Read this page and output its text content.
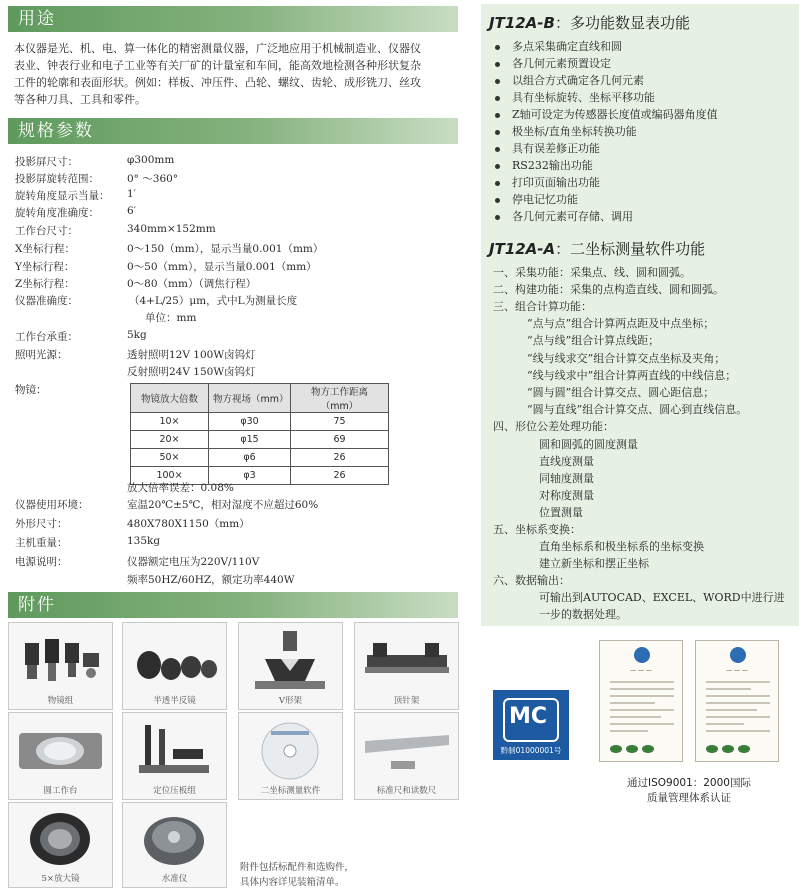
用途
本仪器是光、机、电、算一体化的精密测量仪器，广泛地应用于机械制造业、仪器仪
表业、钟表行业和电子工业等有关厂矿的计量室和车间，能高效地检测各种形状复杂
工件的轮廓和表面形状。例如：样板、冲压件、凸轮、螺纹、齿轮、成形铣刀、丝攻
等各种刀具、工具和零件。
规格参数
投影屏尺寸：	φ300mm
投影屏旋转范围：	0° ～360°
旋转角度显示当量： 1′
旋转角度准确度：	6′
工作台尺寸：	340mm×152mm
X坐标行程：	0～150（mm），显示当量0.001（mm）
Y坐标行程：	0～50（mm），显示当量0.001（mm）
Z坐标行程：	0～80（mm）（调焦行程）
仪器准确度：	（4+L/25）μm，式中L为测量长度
单位：mm
工作台承重：	5kg
照明光源：	透射照明12V 100W卤钨灯
反射照明24V 150W卤钨灯
物镜：
物镜放大倍数	物方视场（mm）	物方工作距离（mm）
10×	φ30	75
20×	φ15	69
50×	φ6	26
100×	φ3	26
放大倍率误差：0.08%
仪器使用环境：	室温20℃±5℃，相对湿度不应超过60%
外形尺寸：	480X780X1150（mm）
主机重量：	135kg
电源说明：	仪器额定电压为220V/110V
频率50HZ/60HZ，额定功率440W
附件
物镜组	半透半反镜	V形架	顶针架
圆工作台	定位压板组	二坐标测量软件	标准尺和读数尺
5×放大镜	水准仪
附件包括标配件和选购件，
具体内容详见装箱清单。
JT12A-B：多功能数显表功能
多点采集确定直线和圆
各几何元素预置设定
以组合方式确定各几何元素
具有坐标旋转、坐标平移功能
Z轴可设定为传感器长度值或编码器角度值
极坐标/直角坐标转换功能
具有误差修正功能
RS232输出功能
打印页面输出功能
停电记忆功能
各几何元素可存储、调用
JT12A-A：二坐标测量软件功能
一、采集功能：采集点、线、圆和圆弧。
二、构建功能：采集的点构造直线、圆和圆弧。
三、组合计算功能：
“点与点”组合计算两点距及中点坐标；
“点与线”组合计算点线距；
“线与线求交”组合计算交点坐标及夹角；
“线与线求中”组合计算两直线的中线信息；
“圆与圆”组合计算交点、圆心距信息；
“圆与直线”组合计算交点、圆心到直线信息。
四、形位公差处理功能：
圆和圆弧的圆度测量
直线度测量
同轴度测量
对称度测量
位置测量
五、坐标系变换：
直角坐标系和极坐标系的坐标变换
建立新坐标和摆正坐标
六、数据输出：
可输出到AUTOCAD、EXCEL、WORD中进行进
一步的数据处理。
MC
黔制01000001号
— — —	— — —
通过ISO9001：2000国际
质量管理体系认证
